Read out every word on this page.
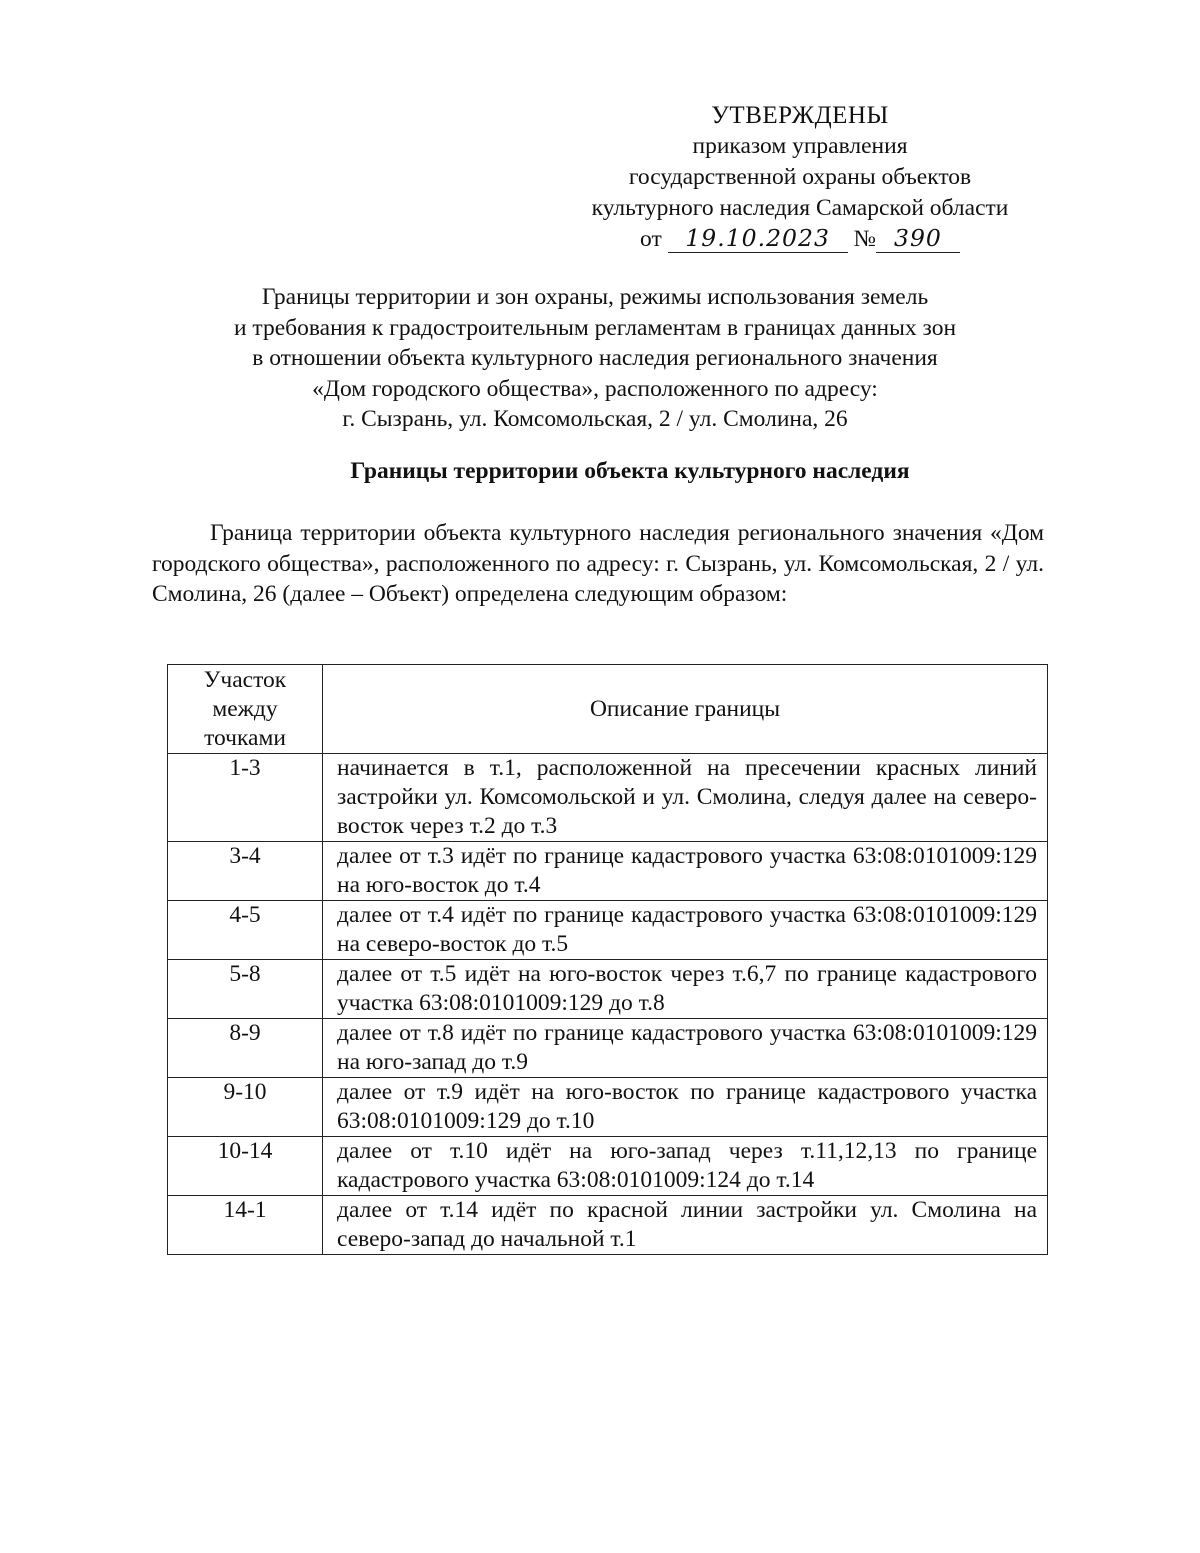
УТВЕРЖДЕНЫ
приказом управления
государственной охраны объектов
культурного наследия Самарской области
от 19.10.2023 № 390
Границы территории и зон охраны, режимы использования земель
и требования к градостроительным регламентам в границах данных зон
в отношении объекта культурного наследия регионального значения
«Дом городского общества», расположенного по адресу:
г. Сызрань, ул. Комсомольская, 2 / ул. Смолина, 26
Границы территории объекта культурного наследия

Граница территории объекта культурного наследия регионального значения «Дом городского общества», расположенного по адресу: г. Сызрань, ул. Комсомольская, 2 / ул. Смолина, 26 (далее – Объект) определена следующим образом:

Участок между точками	Описание границы
1-3	начинается в т.1, расположенной на пресечении красных линий застройки ул. Комсомольской и ул. Смолина, следуя далее на северо-восток через т.2 до т.3
3-4	далее от т.3 идёт по границе кадастрового участка 63:08:0101009:129 на юго-восток до т.4
4-5	далее от т.4 идёт по границе кадастрового участка 63:08:0101009:129 на северо-восток до т.5
5-8	далее от т.5 идёт на юго-восток через т.6,7 по границе кадастрового участка 63:08:0101009:129 до т.8
8-9	далее от т.8 идёт по границе кадастрового участка 63:08:0101009:129 на юго-запад до т.9
9-10	далее от т.9 идёт на юго-восток по границе кадастрового участка 63:08:0101009:129 до т.10
10-14	далее от т.10 идёт на юго-запад через т.11,12,13 по границе кадастрового участка 63:08:0101009:124 до т.14
14-1	далее от т.14 идёт по красной линии застройки ул. Смолина на северо-запад до начальной т.1
